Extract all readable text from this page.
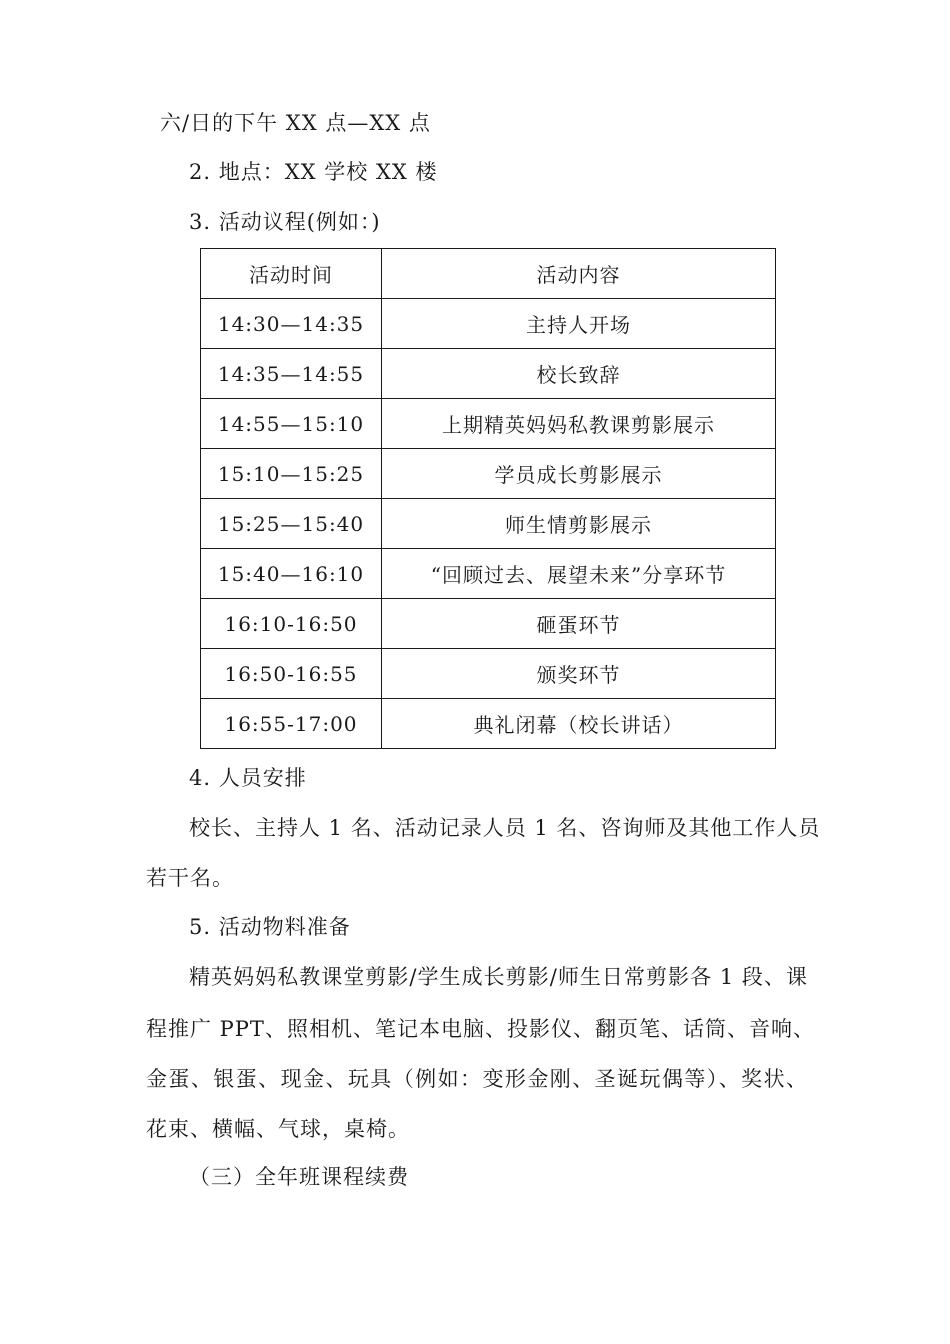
六/日的下午 XX 点—XX 点
2. 地点：XX 学校 XX 楼
3. 活动议程(例如：)
活动时间	活动内容
14:30—14:35	主持人开场
14:35—14:55	校长致辞
14:55—15:10	上期精英妈妈私教课剪影展示
15:10—15:25	学员成长剪影展示
15:25—15:40	师生情剪影展示
15:40—16:10	“回顾过去、展望未来”分享环节
16:10-16:50	砸蛋环节
16:50-16:55	颁奖环节
16:55-17:00	典礼闭幕（校长讲话）
4. 人员安排
校长、主持人 1 名、活动记录人员 1 名、咨询师及其他工作人员
若干名。
5. 活动物料准备
精英妈妈私教课堂剪影/学生成长剪影/师生日常剪影各 1 段、课
程推广 PPT、照相机、笔记本电脑、投影仪、翻页笔、话筒、音响、
金蛋、银蛋、现金、玩具（例如：变形金刚、圣诞玩偶等）、奖状、
花束、横幅、气球，桌椅。
（三）全年班课程续费
